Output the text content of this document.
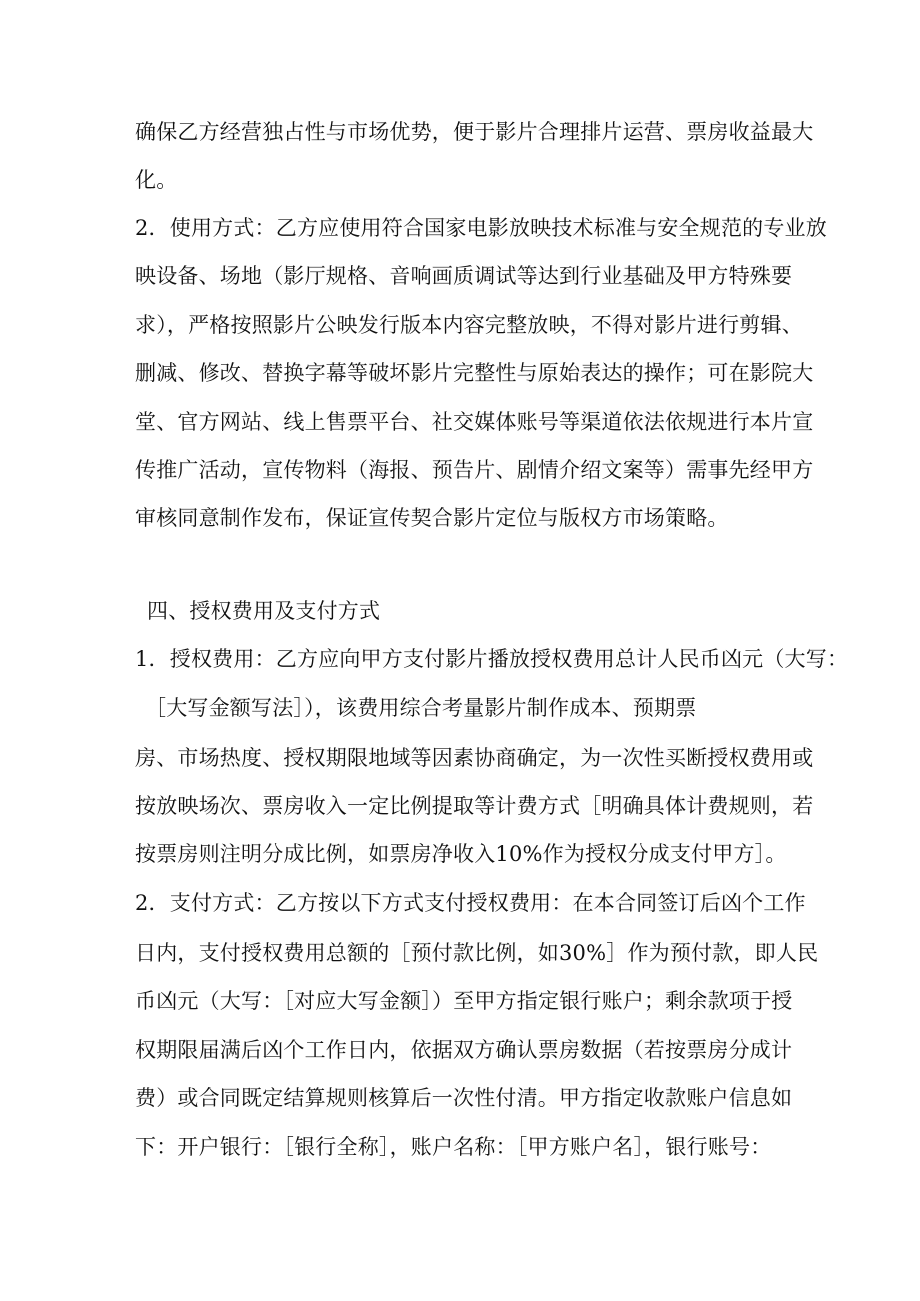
确保乙方经营独占性与市场优势，便于影片合理排片运营、票房收益最大
化。
2．使用方式：乙方应使用符合国家电影放映技术标准与安全规范的专业放
映设备、场地（影厅规格、音响画质调试等达到行业基础及甲方特殊要
求），严格按照影片公映发行版本内容完整放映，不得对影片进行剪辑、
删减、修改、替换字幕等破坏影片完整性与原始表达的操作；可在影院大
堂、官方网站、线上售票平台、社交媒体账号等渠道依法依规进行本片宣
传推广活动，宣传物料（海报、预告片、剧情介绍文案等）需事先经甲方
审核同意制作发布，保证宣传契合影片定位与版权方市场策略。
四、授权费用及支付方式
1．授权费用：乙方应向甲方支付影片播放授权费用总计人民币凶元（大写：
［大写金额写法］），该费用综合考量影片制作成本、预期票
房、市场热度、授权期限地域等因素协商确定，为一次性买断授权费用或
按放映场次、票房收入一定比例提取等计费方式［明确具体计费规则，若
按票房则注明分成比例，如票房净收入10%作为授权分成支付甲方］。
2．支付方式：乙方按以下方式支付授权费用：在本合同签订后凶个工作
日内，支付授权费用总额的［预付款比例，如30%］作为预付款，即人民
币凶元（大写：［对应大写金额］）至甲方指定银行账户；剩余款项于授
权期限届满后凶个工作日内，依据双方确认票房数据（若按票房分成计
费）或合同既定结算规则核算后一次性付清。甲方指定收款账户信息如
下：开户银行：［银行全称］，账户名称：［甲方账户名］，银行账号：
